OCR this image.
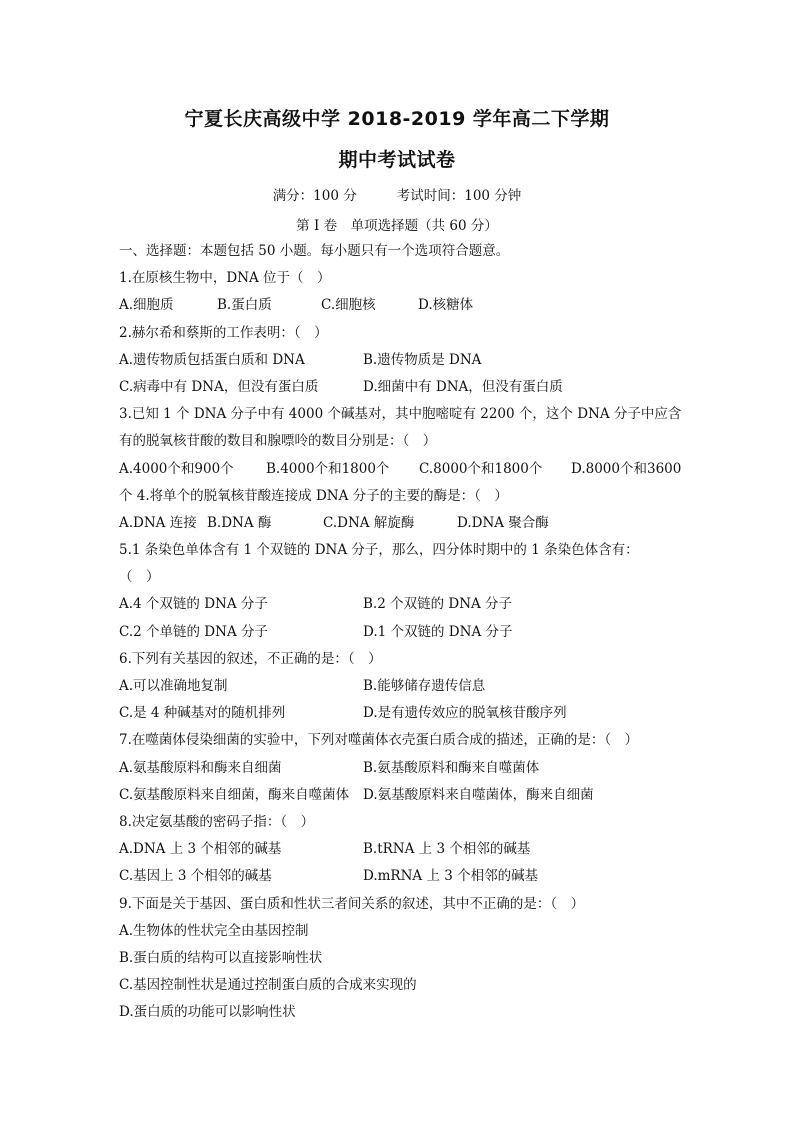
宁夏长庆高级中学 2018-2019 学年高二下学期
期中考试试卷
满分：100 分	考试时间：100 分钟
第 I 卷　单项选择题（共 60 分）
一、选择题：本题包括 50 小题。每小题只有一个选项符合题意。
1.在原核生物中，DNA 位于（　）
A.细胞质	B.蛋白质	C.细胞核	D.核糖体
2.赫尔希和蔡斯的工作表明：（　）
A.遗传物质包括蛋白质和 DNA	B.遗传物质是 DNA
C.病毒中有 DNA，但没有蛋白质	D.细菌中有 DNA，但没有蛋白质
3.已知 1 个 DNA 分子中有 4000 个碱基对，其中胞嘧啶有 2200 个，这个 DNA 分子中应含
有的脱氧核苷酸的数目和腺嘌呤的数目分别是：（　）
A.4000个和900个 B.4000个和1800个 C.8000个和1800个 D.8000个和3600
个 4.将单个的脱氧核苷酸连接成 DNA 分子的主要的酶是：（　）
A.DNA 连接 B.DNA 酶	C.DNA 解旋酶	D.DNA 聚合酶
5.1 条染色单体含有 1 个双链的 DNA 分子，那么，四分体时期中的 1 条染色体含有：
（　）
A.4 个双链的 DNA 分子	B.2 个双链的 DNA 分子
C.2 个单链的 DNA 分子	D.1 个双链的 DNA 分子
6.下列有关基因的叙述，不正确的是：（　）
A.可以准确地复制	B.能够储存遗传信息
C.是 4 种碱基对的随机排列	D.是有遗传效应的脱氧核苷酸序列
7.在噬菌体侵染细菌的实验中，下列对噬菌体衣壳蛋白质合成的描述，正确的是：（　）
A.氨基酸原料和酶来自细菌	B.氨基酸原料和酶来自噬菌体
C.氨基酸原料来自细菌，酶来自噬菌体 D.氨基酸原料来自噬菌体，酶来自细菌
8.决定氨基酸的密码子指：（　）
A.DNA 上 3 个相邻的碱基	B.tRNA 上 3 个相邻的碱基
C.基因上 3 个相邻的碱基	D.mRNA 上 3 个相邻的碱基
9.下面是关于基因、蛋白质和性状三者间关系的叙述，其中不正确的是：（　）
A.生物体的性状完全由基因控制
B.蛋白质的结构可以直接影响性状
C.基因控制性状是通过控制蛋白质的合成来实现的
D.蛋白质的功能可以影响性状
